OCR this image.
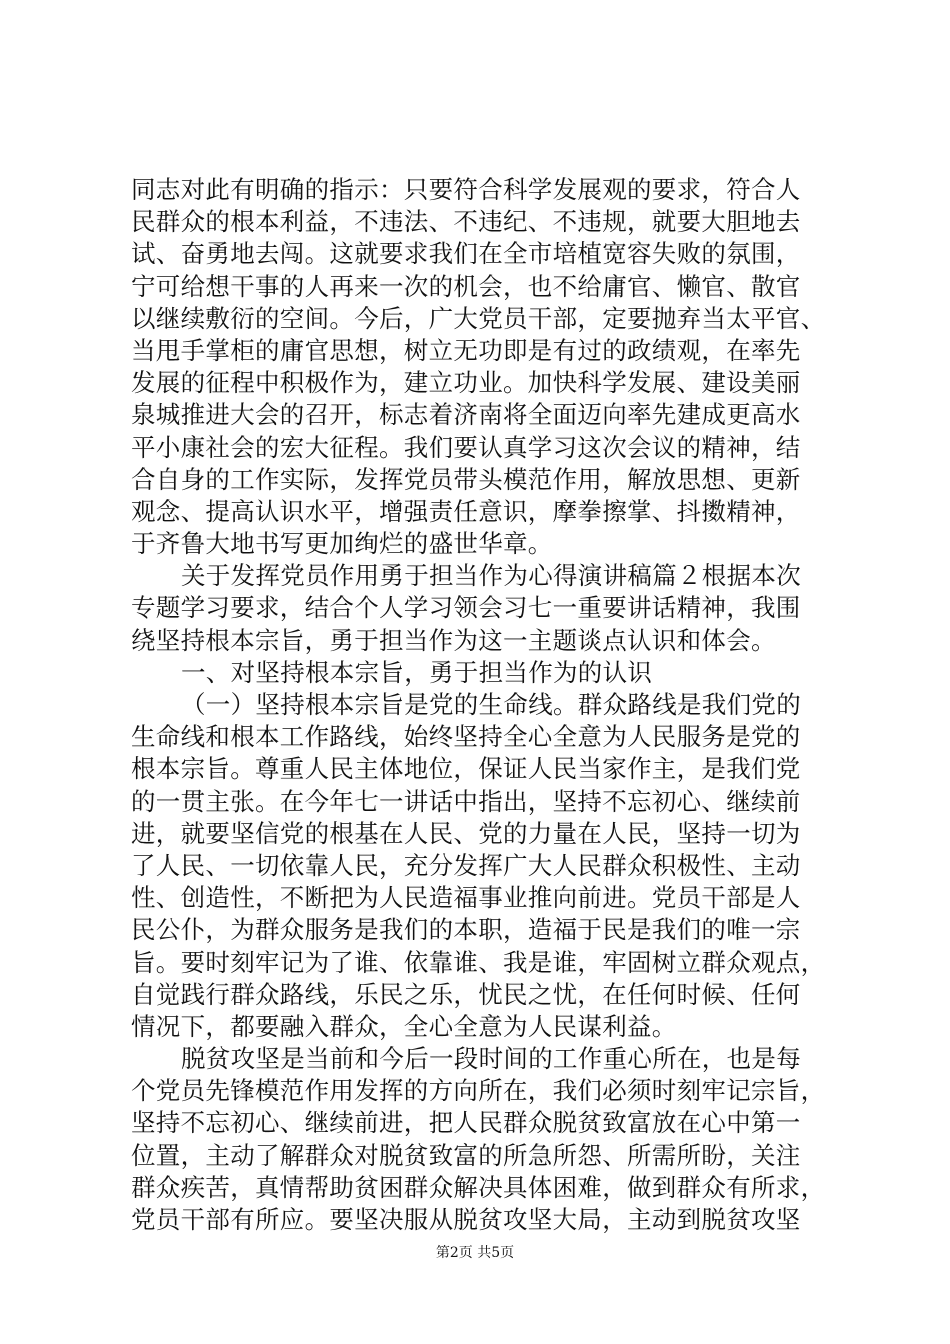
同志对此有明确的指示：只要符合科学发展观的要求，符合人
民群众的根本利益，不违法、不违纪、不违规，就要大胆地去
试、奋勇地去闯。这就要求我们在全市培植宽容失败的氛围，
宁可给想干事的人再来一次的机会，也不给庸官、懒官、散官
以继续敷衍的空间。今后，广大党员干部，定要抛弃当太平官、
当甩手掌柜的庸官思想，树立无功即是有过的政绩观，在率先
发展的征程中积极作为，建立功业。加快科学发展、建设美丽
泉城推进大会的召开，标志着济南将全面迈向率先建成更高水
平小康社会的宏大征程。我们要认真学习这次会议的精神，结
合自身的工作实际，发挥党员带头模范作用，解放思想、更新
观念、提高认识水平，增强责任意识，摩拳擦掌、抖擞精神，
于齐鲁大地书写更加绚烂的盛世华章。
关于发挥党员作用勇于担当作为心得演讲稿篇２根据本次
专题学习要求，结合个人学习领会习七一重要讲话精神，我围
绕坚持根本宗旨，勇于担当作为这一主题谈点认识和体会。
一、对坚持根本宗旨，勇于担当作为的认识
（一）坚持根本宗旨是党的生命线。群众路线是我们党的
生命线和根本工作路线，始终坚持全心全意为人民服务是党的
根本宗旨。尊重人民主体地位，保证人民当家作主，是我们党
的一贯主张。在今年七一讲话中指出，坚持不忘初心、继续前
进，就要坚信党的根基在人民、党的力量在人民，坚持一切为
了人民、一切依靠人民，充分发挥广大人民群众积极性、主动
性、创造性，不断把为人民造福事业推向前进。党员干部是人
民公仆，为群众服务是我们的本职，造福于民是我们的唯一宗
旨。要时刻牢记为了谁、依靠谁、我是谁，牢固树立群众观点，
自觉践行群众路线，乐民之乐，忧民之忧，在任何时候、任何
情况下，都要融入群众，全心全意为人民谋利益。
脱贫攻坚是当前和今后一段时间的工作重心所在，也是每
个党员先锋模范作用发挥的方向所在，我们必须时刻牢记宗旨，
坚持不忘初心、继续前进，把人民群众脱贫致富放在心中第一
位置，主动了解群众对脱贫致富的所急所怨、所需所盼，关注
群众疾苦，真情帮助贫困群众解决具体困难，做到群众有所求，
党员干部有所应。要坚决服从脱贫攻坚大局，主动到脱贫攻坚
第2页 共5页
